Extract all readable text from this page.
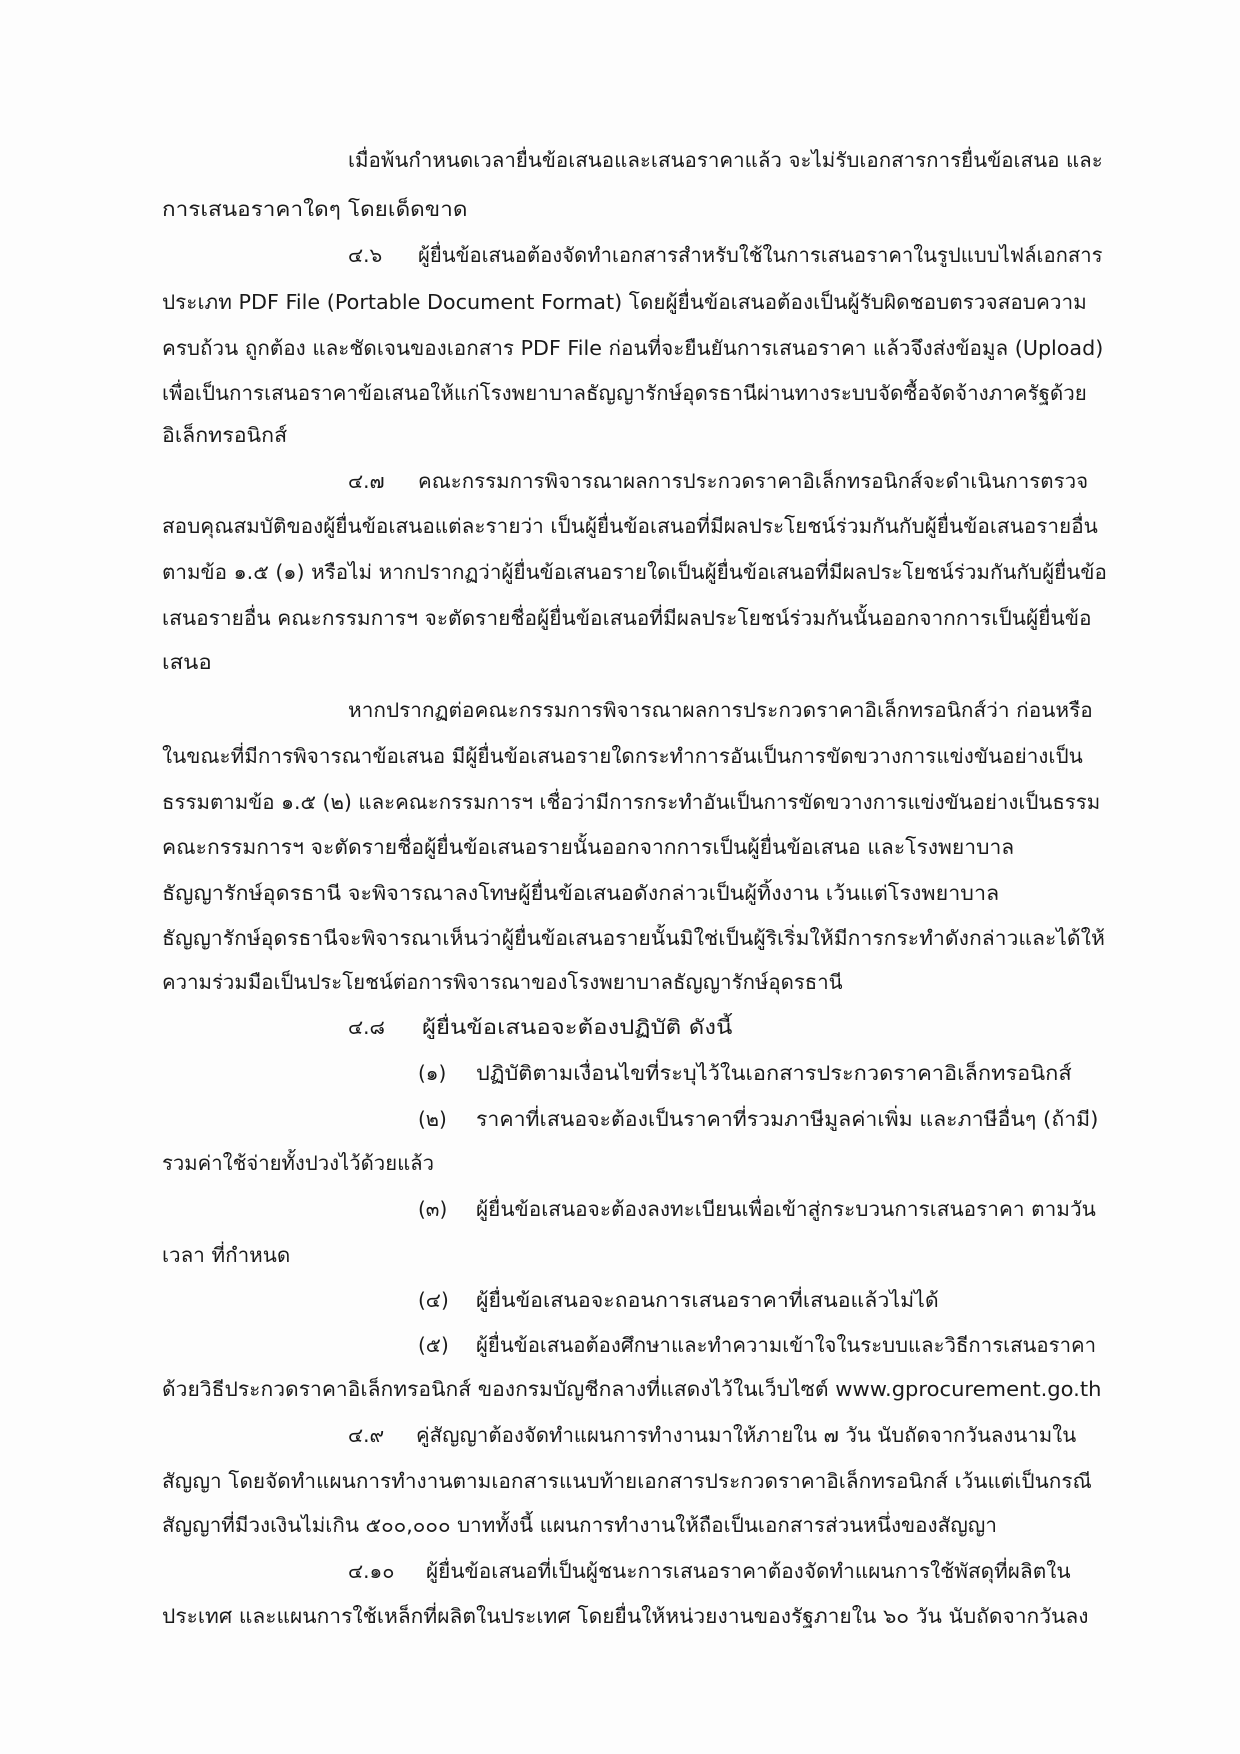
เมื่อพ้นกำหนดเวลายื่นข้อเสนอและเสนอราคาแล้ว จะไม่รับเอกสารการยื่นข้อเสนอ และ
การเสนอราคาใดๆ โดยเด็ดขาด
๔.๖ ผู้ยื่นข้อเสนอต้องจัดทำเอกสารสำหรับใช้ในการเสนอราคาในรูปแบบไฟล์เอกสาร
ประเภท PDF File (Portable Document Format) โดยผู้ยื่นข้อเสนอต้องเป็นผู้รับผิดชอบตรวจสอบความ
ครบถ้วน ถูกต้อง และชัดเจนของเอกสาร PDF File ก่อนที่จะยืนยันการเสนอราคา แล้วจึงส่งข้อมูล (Upload)
เพื่อเป็นการเสนอราคาข้อเสนอให้แก่โรงพยาบาลธัญญารักษ์อุดรธานีผ่านทางระบบจัดซื้อจัดจ้างภาครัฐด้วย
อิเล็กทรอนิกส์
๔.๗ คณะกรรมการพิจารณาผลการประกวดราคาอิเล็กทรอนิกส์จะดำเนินการตรวจ
สอบคุณสมบัติของผู้ยื่นข้อเสนอแต่ละรายว่า เป็นผู้ยื่นข้อเสนอที่มีผลประโยชน์ร่วมกันกับผู้ยื่นข้อเสนอรายอื่น
ตามข้อ ๑.๕ (๑) หรือไม่ หากปรากฏว่าผู้ยื่นข้อเสนอรายใดเป็นผู้ยื่นข้อเสนอที่มีผลประโยชน์ร่วมกันกับผู้ยื่นข้อ
เสนอรายอื่น คณะกรรมการฯ จะตัดรายชื่อผู้ยื่นข้อเสนอที่มีผลประโยชน์ร่วมกันนั้นออกจากการเป็นผู้ยื่นข้อ
เสนอ
หากปรากฏต่อคณะกรรมการพิจารณาผลการประกวดราคาอิเล็กทรอนิกส์ว่า ก่อนหรือ
ในขณะที่มีการพิจารณาข้อเสนอ มีผู้ยื่นข้อเสนอรายใดกระทำการอันเป็นการขัดขวางการแข่งขันอย่างเป็น
ธรรมตามข้อ ๑.๕ (๒) และคณะกรรมการฯ เชื่อว่ามีการกระทำอันเป็นการขัดขวางการแข่งขันอย่างเป็นธรรม
คณะกรรมการฯ จะตัดรายชื่อผู้ยื่นข้อเสนอรายนั้นออกจากการเป็นผู้ยื่นข้อเสนอ และโรงพยาบาล
ธัญญารักษ์อุดรธานี จะพิจารณาลงโทษผู้ยื่นข้อเสนอดังกล่าวเป็นผู้ทิ้งงาน เว้นแต่โรงพยาบาล
ธัญญารักษ์อุดรธานีจะพิจารณาเห็นว่าผู้ยื่นข้อเสนอรายนั้นมิใช่เป็นผู้ริเริ่มให้มีการกระทำดังกล่าวและได้ให้
ความร่วมมือเป็นประโยชน์ต่อการพิจารณาของโรงพยาบาลธัญญารักษ์อุดรธานี
๔.๘ ผู้ยื่นข้อเสนอจะต้องปฏิบัติ ดังนี้
(๑) ปฏิบัติตามเงื่อนไขที่ระบุไว้ในเอกสารประกวดราคาอิเล็กทรอนิกส์
(๒) ราคาที่เสนอจะต้องเป็นราคาที่รวมภาษีมูลค่าเพิ่ม และภาษีอื่นๆ (ถ้ามี)
รวมค่าใช้จ่ายทั้งปวงไว้ด้วยแล้ว
(๓) ผู้ยื่นข้อเสนอจะต้องลงทะเบียนเพื่อเข้าสู่กระบวนการเสนอราคา ตามวัน
เวลา ที่กำหนด
(๔) ผู้ยื่นข้อเสนอจะถอนการเสนอราคาที่เสนอแล้วไม่ได้
(๕) ผู้ยื่นข้อเสนอต้องศึกษาและทำความเข้าใจในระบบและวิธีการเสนอราคา
ด้วยวิธีประกวดราคาอิเล็กทรอนิกส์ ของกรมบัญชีกลางที่แสดงไว้ในเว็บไซต์ www.gprocurement.go.th
๔.๙ คู่สัญญาต้องจัดทำแผนการทำงานมาให้ภายใน ๗ วัน นับถัดจากวันลงนามใน
สัญญา โดยจัดทำแผนการทำงานตามเอกสารแนบท้ายเอกสารประกวดราคาอิเล็กทรอนิกส์ เว้นแต่เป็นกรณี
สัญญาที่มีวงเงินไม่เกิน ๕๐๐,๐๐๐ บาททั้งนี้ แผนการทำงานให้ถือเป็นเอกสารส่วนหนึ่งของสัญญา
๔.๑๐ ผู้ยื่นข้อเสนอที่เป็นผู้ชนะการเสนอราคาต้องจัดทำแผนการใช้พัสดุที่ผลิตใน
ประเทศ และแผนการใช้เหล็กที่ผลิตในประเทศ โดยยื่นให้หน่วยงานของรัฐภายใน ๖๐ วัน นับถัดจากวันลง
